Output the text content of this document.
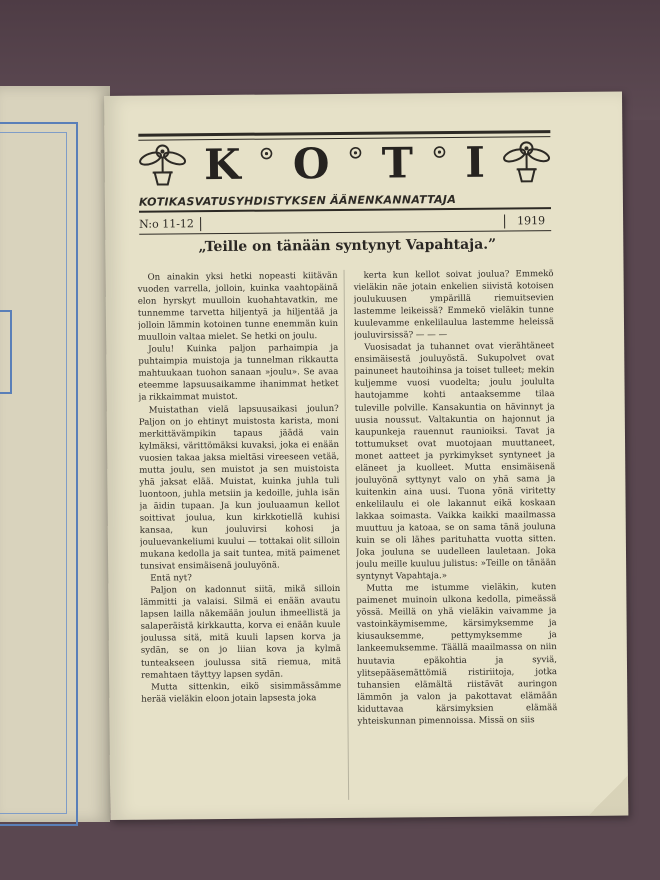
K O T I
KOTIKASVATUSYHDISTYKSEN ÄÄNENKANNATTAJA
N:o 11-12	1919
„Teille on tänään syntynyt Vapahtaja.”

On ainakin yksi hetki nopeasti kiitävän vuoden varrella, jolloin, kuinka vaahtopäinä elon hyrskyt muulloin kuohahtavatkin, me tunnemme tarvetta hiljentyä ja hiljentää ja jolloin lämmin kotoinen tunne enemmän kuin muulloin valtaa mielet. Se hetki on joulu.

Joulu! Kuinka paljon parhaimpia ja puhtaimpia muistoja ja tunnelman rikkautta mahtuukaan tuohon sanaan »joulu». Se avaa eteemme lapsuusaikamme ihanimmat hetket ja rikkaimmat muistot.

Muistathan vielä lapsuusaikasi joulun? Paljon on jo ehtinyt muistosta karista, moni merkittävämpikin tapaus jäädä vain kylmäksi, värittömäksi kuvaksi, joka ei enään vuosien takaa jaksa mieltäsi vireeseen vetää, mutta joulu, sen muistot ja sen muistoista yhä jaksat elää. Muistat, kuinka juhla tuli luontoon, juhla metsiin ja kedoille, juhla isän ja äidin tupaan. Ja kun jouluaamun kellot soittivat joulua, kun kirkkotiellä kuhisi kansaa, kun jouluvirsi kohosi ja jouluevankeliumi kuului — tottakai olit silloin mukana kedolla ja sait tuntea, mitä paimenet tunsivat ensimäisenä jouluyönä.

Entä nyt?

Paljon on kadonnut siitä, mikä silloin lämmitti ja valaisi. Silmä ei enään avautu lapsen lailla näkemään joulun ihmeellistä ja salaperäistä kirkkautta, korva ei enään kuule joulussa sitä, mitä kuuli lapsen korva ja sydän, se on jo liian kova ja kylmä tunteakseen joulussa sitä riemua, mitä remahtaen täyttyy lapsen sydän.

Mutta sittenkin, eikö sisimmässämme herää vieläkin eloon jotain lapsesta joka

kerta kun kellot soivat joulua? Emmekö vieläkin näe jotain enkelien siivistä kotoisen joulukuusen ympärillä riemuitsevien lastemme leikeissä? Emmekö vieläkin tunne kuulevamme enkelilaulua lastemme heleissä jouluvirsissä? — — —

Vuosisadat ja tuhannet ovat vierähtäneet ensimäisestä jouluyöstä. Sukupolvet ovat painuneet hautoihinsa ja toiset tulleet; mekin kuljemme vuosi vuodelta; joulu joululta hautojamme kohti antaaksemme tilaa tuleville polville. Kansakuntia on hävinnyt ja uusia noussut. Valtakuntia on hajonnut ja kaupunkeja rauennut raunioiksi. Tavat ja tottumukset ovat muotojaan muuttaneet, monet aatteet ja pyrkimykset syntyneet ja eläneet ja kuolleet. Mutta ensimäisenä jouluyönä syttynyt valo on yhä sama ja kuitenkin aina uusi. Tuona yönä viritetty enkelilaulu ei ole lakannut eikä koskaan lakkaa soimasta. Vaikka kaikki maailmassa muuttuu ja katoaa, se on sama tänä jouluna kuin se oli lähes parituhatta vuotta sitten. Joka jouluna se uudelleen lauletaan. Joka joulu meille kuuluu julistus: »Teille on tänään syntynyt Vapahtaja.»

Mutta me istumme vieläkin, kuten paimenet muinoin ulkona kedolla, pimeässä yössä. Meillä on yhä vieläkin vaivamme ja vastoinkäymisemme, kärsimyksemme ja kiusauksemme, pettymyksemme ja lankeemuksemme. Täällä maailmassa on niin huutavia epäkohtia ja syviä, ylitsepääsemättömiä ristiriitoja, jotka tuhansien elämältä riistävät auringon lämmön ja valon ja pakottavat elämään kiduttavaa kärsimyksien elämää yhteiskunnan pimennoissa. Missä on siis
